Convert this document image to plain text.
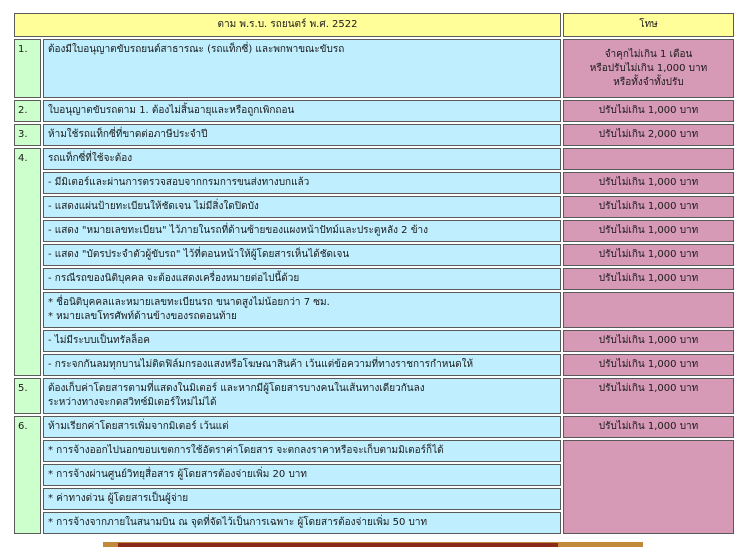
ตาม พ.ร.บ. รถยนตร์ พ.ศ. 2522		โทษ
1.	ต้องมีใบอนุญาตขับรถยนต์สาธารณะ (รถแท็กซี่) และพกพาขณะขับรถ	จำคุกไม่เกิน 1 เดือน
หรือปรับไม่เกิน 1,000 บาท
หรือทั้งจำทั้งปรับ

2.	ใบอนุญาตขับรถตาม 1. ต้องไม่สิ้นอายุและหรือถูกเพิกถอน	ปรับไม่เกิน 1,000 บาท
3.	ห้ามใช้รถแท็กซี่ที่ขาดต่อภาษีประจำปี	ปรับไม่เกิน 2,000 บาท
4.	รถแท็กซี่ที่ใช้จะต้อง	
	- มีมิเตอร์และผ่านการตรวจสอบจากกรมการขนส่งทางบกแล้ว	ปรับไม่เกิน 1,000 บาท
	- แสดงแผ่นป้ายทะเบียนให้ชัดเจน ไม่มีสิ่งใดปิดบัง	ปรับไม่เกิน 1,000 บาท
	- แสดง "หมายเลขทะเบียน" ไว้ภายในรถที่ด้านซ้ายของแผงหน้าปัทม์และประตูหลัง 2 ข้าง	ปรับไม่เกิน 1,000 บาท
	- แสดง "บัตรประจำตัวผู้ขับรถ" ไว้ที่ตอนหน้าให้ผู้โดยสารเห็นได้ชัดเจน	ปรับไม่เกิน 1,000 บาท
	- กรณีรถของนิติบุคคล จะต้องแสดงเครื่องหมายต่อไปนี้ด้วย	ปรับไม่เกิน 1,000 บาท

	* ชื่อนิติบุคคลและหมายเลขทะเบียนรถ ขนาดสูงไม่น้อยกว่า 7 ซม.
* หมายเลขโทรศัพท์ด้านข้างของรถตอนท้าย	

	- ไม่มีระบบเป็นทรัลล็อค	ปรับไม่เกิน 1,000 บาท
	- กระจกกันลมทุกบานไม่ติดฟิล์มกรองแสงหรือโฆษณาสินค้า เว้นแต่ข้อความที่ทางราชการกำหนดให้	ปรับไม่เกิน 1,000 บาท
5.	ต้องเก็บค่าโดยสารตามที่แสดงในมิเตอร์ และหากมีผู้โดยสารบางคนในเส้นทางเดียวกันลง
ระหว่างทางจะกดสวิทซ์มิเตอร์ใหม่ไม่ได้	ปรับไม่เกิน 1,000 บาท
6.	ห้ามเรียกค่าโดยสารเพิ่มจากมิเตอร์ เว้นแต่	ปรับไม่เกิน 1,000 บาท
	* การจ้างออกไปนอกขอบเขตการใช้อัตราค่าโดยสาร จะตกลงราคาหรือจะเก็บตามมิเตอร์ก็ได้	
	* การจ้างผ่านศูนย์วิทยุสื่อสาร ผู้โดยสารต้องจ่ายเพิ่ม 20 บาท	
	* ค่าทางด่วน ผู้โดยสารเป็นผู้จ่าย	
	* การจ้างจากภายในสนามบิน ณ จุดที่จัดไว้เป็นการเฉพาะ ผู้โดยสารต้องจ่ายเพิ่ม 50 บาท	
